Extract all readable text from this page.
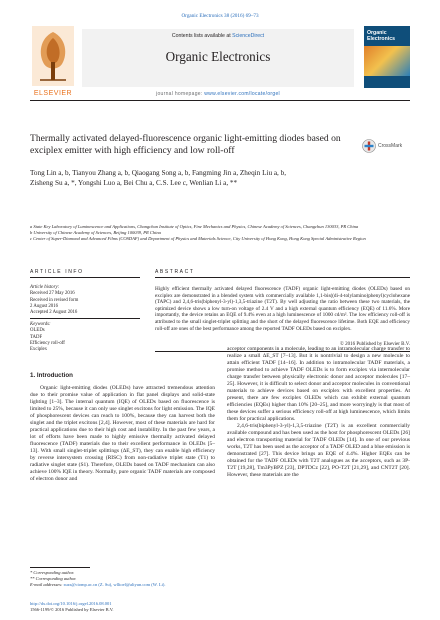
Organic Electronics 38 (2016) 69–73
ELSEVIER
Contents lists available at ScienceDirect
Organic Electronics
journal homepage: www.elsevier.com/locate/orgel
Organic Electronics
Thermally activated delayed-fluorescence organic light-emitting diodes based on exciplex emitter with high efficiency and low roll-off	CrossMark
Tong Lin a, b, Tianyou Zhang a, b, Qiaogang Song a, b, Fangming Jin a, Zheqin Liu a, b,
Zisheng Su a, *, Yongshi Luo a, Bei Chu a, C.S. Lee c, Wenlian Li a, **
a State Key Laboratory of Luminescence and Applications, Changchun Institute of Optics, Fine Mechanics and Physics, Chinese Academy of Sciences, Changchun 130033, PR China
b University of Chinese Academy of Sciences, Beijing 100039, PR China
c Center of Super-Diamond and Advanced Films (COSDAF) and Department of Physics and Materials Science, City University of Hong Kong, Hong Kong Special Administrative Region
ARTICLE INFO	ABSTRACT
Article history:
Received 27 May 2016
Received in revised form
2 August 2016
Accepted 2 August 2016
Keywords:
OLEDs
TADF
Efficiency roll-off
Exciplex
Highly efficient thermally activated delayed fluorescence (TADF) organic light-emitting diodes (OLEDs) based on exciplex are demonstrated in a blended system with commercially available 1,1-bis((di-4-tolylamino)phenyl)cyclohexane (TAPC) and 2,4,6-tris(biphenyl-3-yl)-1,3,5-triazine (T2T). By well adjusting the ratio between these two materials, the optimized device shows a low turn-on voltage of 2.4 V and a high external quantum efficiency (EQE) of 11.6%. More importantly, the device retains an EQE of 9.4% even at a high luminescence of 1000 cd/m². The low efficiency roll-off is attributed to the small singlet-triplet splitting and the short of the delayed fluorescence lifetime. Both EQE and efficiency roll-off are ones of the best performance among the reported TADF OLEDs based on exciplex.
© 2016 Published by Elsevier B.V.
1. Introduction

Organic light-emitting diodes (OLEDs) have attracted tremendous attention due to their promise value of application in flat panel displays and solid-state lighting [1–3]. The internal quantum (IQE) of OLEDs based on fluorescence is limited to 25%, because it can only use singlet excitons for light emission. The IQE of phosphorescent devices can reach to 100%, because they can harvest both the singlet and the triplet excitons [2,4]. However, most of these materials are hard for practical applications due to their high cost and instability. In the past few years, a lot of efforts have been made to highly emissive thermally activated delayed fluorescence (TADF) materials due to their excellent performance in OLEDs [5–13]. With small singlet-triplet splittings (ΔE_ST), they can enable high efficiency by reverse intersystem crossing (RISC) from non-radiative triplet state (T1) to radiative singlet state (S1). Therefore, OLEDs based on TADF mechanism can also achieve 100% IQE in theory. Normally, pure organic TADF materials are composed of electron donor and

acceptor components in a molecule, leading to an intramolecular charge transfer to realize a small ΔE_ST [7–13]. But it is nontrivial to design a new molecule to attain efficient TADF [14–16]. In addition to intramolecular TADF materials, a promise method to achieve TADF OLEDs is to form exciplex via intermolecular charge transfer between physically electronic donor and acceptor molecules [17–25]. However, it is difficult to select donor and acceptor molecules in conventional materials to achieve devices based on exciplex with excellent properties. At present, there are few exciplex OLEDs which can exhibit external quantum efficiencies (EQEs) higher than 10% [20–25], and more worryingly is that most of these devices suffer a serious efficiency roll-off at high luminescence, which limits them for practical applications.

2,4,6-tris(biphenyl-3-yl)-1,3,5-triazine (T2T) is an excellent commercially available compound and has been used as the host for phosphorescent OLEDs [26] and electron transporting material for TADF OLEDs [14]. In one of our previous works, T2T has been used as the acceptor of a TADF OLED and a blue emission is demonstrated [27]. This device brings an EQE of 4.4%. Higher EQEs can be obtained for the TADF OLEDs with T2T analogues as the acceptors, such as 3P-T2T [19,28], Tm3PyBPZ [23], DPTDCz [22], PO-T2T [21,29], and CNT2T [20]. However, these materials are the

* Corresponding author.
** Corresponding author.
E-mail addresses: suzs@ciomp.ac.cn (Z. Su), wllioel@aliyun.com (W. Li).
http://dx.doi.org/10.1016/j.orgel.2016.08.001
1566-1199/© 2016 Published by Elsevier B.V.
